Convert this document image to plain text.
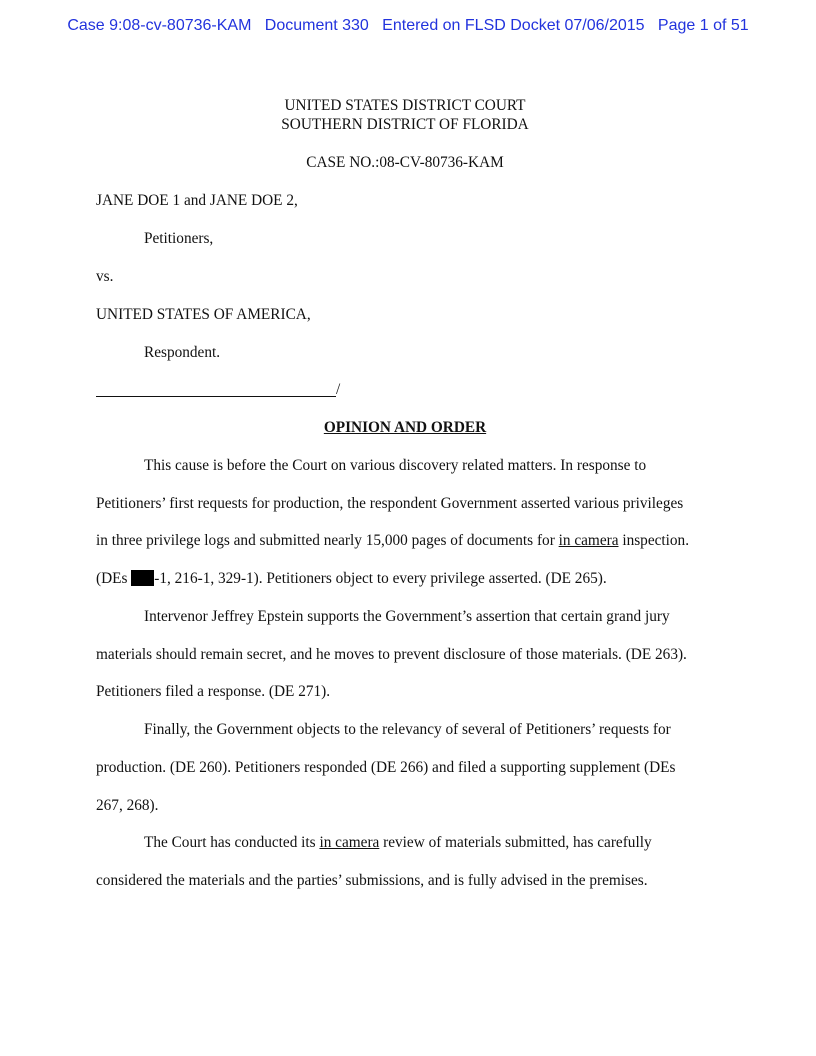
Case 9:08-cv-80736-KAM Document 330 Entered on FLSD Docket 07/06/2015 Page 1 of 51
UNITED STATES DISTRICT COURT
SOUTHERN DISTRICT OF FLORIDA
CASE NO.:08-CV-80736-KAM
JANE DOE 1 and JANE DOE 2,
Petitioners,
vs.
UNITED STATES OF AMERICA,
Respondent.
/
OPINION AND ORDER
This cause is before the Court on various discovery related matters. In response to
Petitioners’ first requests for production, the respondent Government asserted various privileges
in three privilege logs and submitted nearly 15,000 pages of documents for in camera inspection.
(DEs -1, 216-1, 329-1). Petitioners object to every privilege asserted. (DE 265).
Intervenor Jeffrey Epstein supports the Government’s assertion that certain grand jury
materials should remain secret, and he moves to prevent disclosure of those materials. (DE 263).
Petitioners filed a response. (DE 271).
Finally, the Government objects to the relevancy of several of Petitioners’ requests for
production. (DE 260). Petitioners responded (DE 266) and filed a supporting supplement (DEs
267, 268).
The Court has conducted its in camera review of materials submitted, has carefully
considered the materials and the parties’ submissions, and is fully advised in the premises.
